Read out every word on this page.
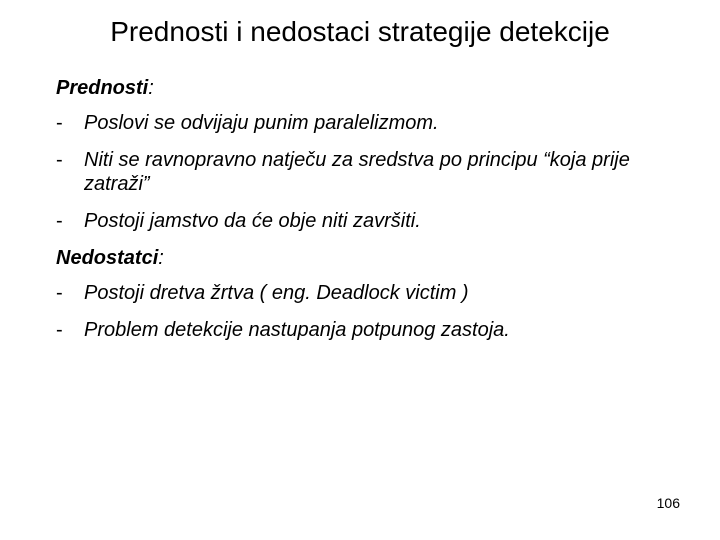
Prednosti i nedostaci strategije detekcije

Prednosti:

-	Poslovi se odvijaju punim paralelizmom.
-	Niti se ravnopravno natječu za sredstva po principu “koja prije zatraži”
-	Postoji jamstvo da će obje niti završiti.

Nedostatci:

-	Postoji dretva žrtva ( eng. Deadlock victim )
-	Problem detekcije nastupanja potpunog zastoja.
106
